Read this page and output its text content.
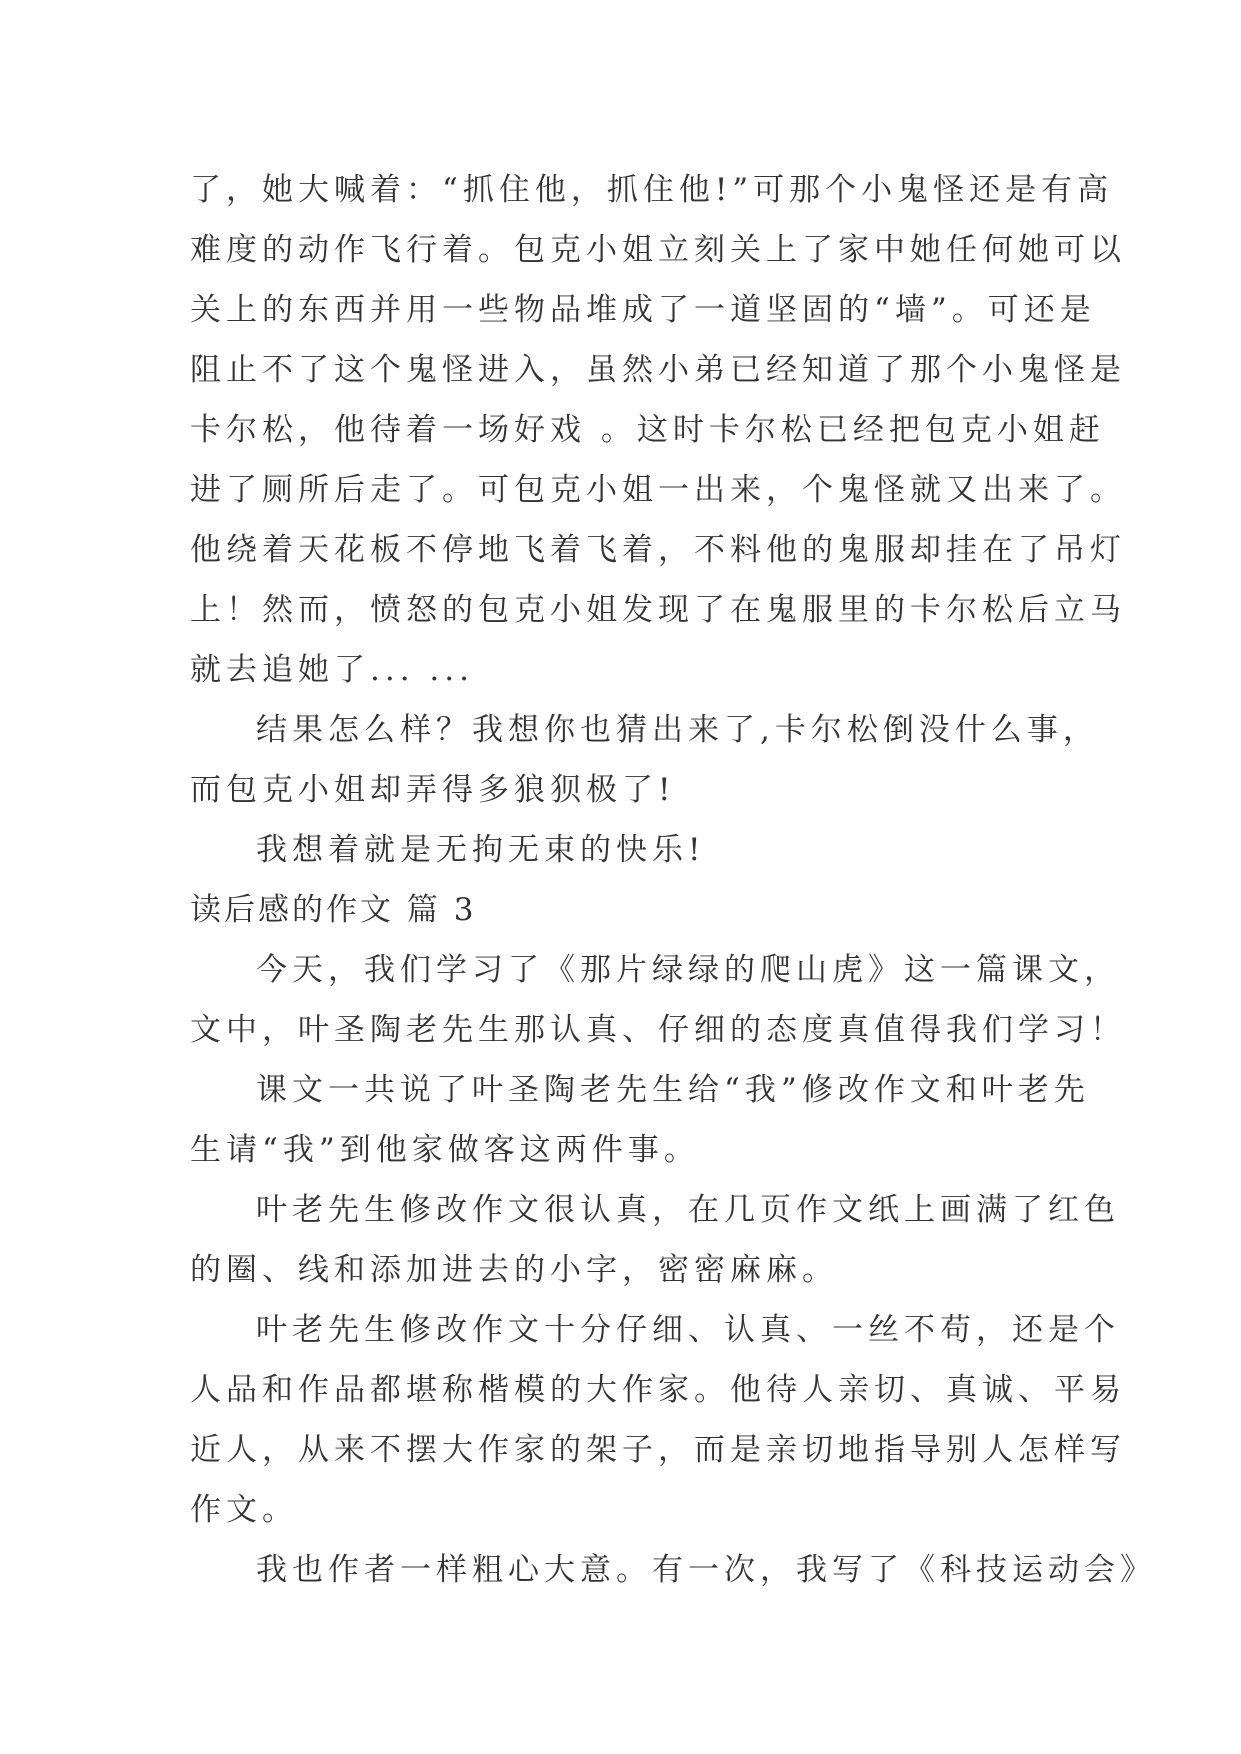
了，她大喊着：“抓住他，抓住他!”可那个小鬼怪还是有高
难度的动作飞行着。包克小姐立刻关上了家中她任何她可以
关上的东西并用一些物品堆成了一道坚固的“墙”。可还是
阻止不了这个鬼怪进入，虽然小弟已经知道了那个小鬼怪是
卡尔松，他待着一场好戏 。这时卡尔松已经把包克小姐赶
进了厕所后走了。可包克小姐一出来，个鬼怪就又出来了。
他绕着天花板不停地飞着飞着，不料他的鬼服却挂在了吊灯
上！然而，愤怒的包克小姐发现了在鬼服里的卡尔松后立马
就去追她了... ...
结果怎么样？我想你也猜出来了,卡尔松倒没什么事，
而包克小姐却弄得多狼狈极了!
我想着就是无拘无束的快乐!
读后感的作文 篇 3
今天，我们学习了《那片绿绿的爬山虎》这一篇课文，
文中，叶圣陶老先生那认真、仔细的态度真值得我们学习！
课文一共说了叶圣陶老先生给“我”修改作文和叶老先
生请“我”到他家做客这两件事。
叶老先生修改作文很认真，在几页作文纸上画满了红色
的圈、线和添加进去的小字，密密麻麻。
叶老先生修改作文十分仔细、认真、一丝不苟，还是个
人品和作品都堪称楷模的大作家。他待人亲切、真诚、平易
近人，从来不摆大作家的架子，而是亲切地指导别人怎样写
作文。
我也作者一样粗心大意。有一次，我写了《科技运动会》
